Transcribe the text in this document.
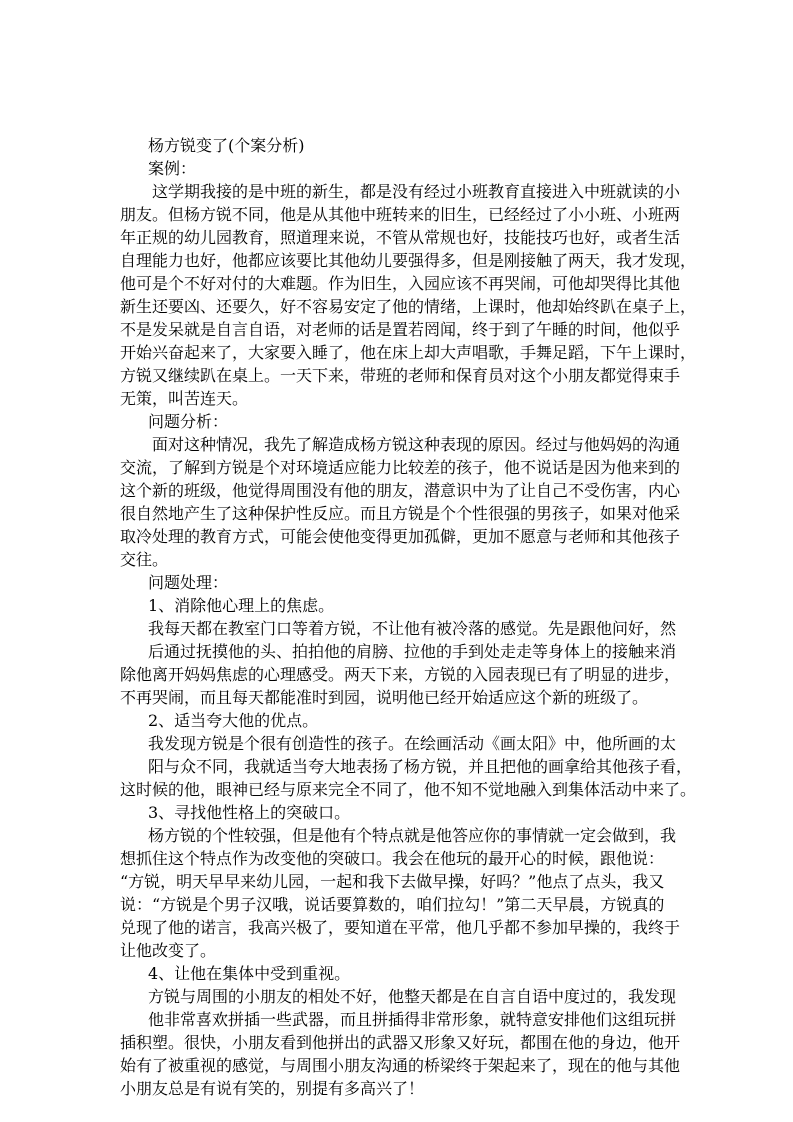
杨方锐变了(个案分析)

案例：

这学期我接的是中班的新生，都是没有经过小班教育直接进入中班就读的小

朋友。但杨方锐不同，他是从其他中班转来的旧生，已经经过了小小班、小班两

年正规的幼儿园教育，照道理来说，不管从常规也好，技能技巧也好，或者生活

自理能力也好，他都应该要比其他幼儿要强得多，但是刚接触了两天，我才发现，

他可是个不好对付的大难题。作为旧生，入园应该不再哭闹，可他却哭得比其他

新生还要凶、还要久，好不容易安定了他的情绪，上课时，他却始终趴在桌子上，

不是发呆就是自言自语，对老师的话是置若罔闻，终于到了午睡的时间，他似乎

开始兴奋起来了，大家要入睡了，他在床上却大声唱歌，手舞足蹈，下午上课时，

方锐又继续趴在桌上。一天下来，带班的老师和保育员对这个小朋友都觉得束手

无策，叫苦连天。

问题分析：

面对这种情况，我先了解造成杨方锐这种表现的原因。经过与他妈妈的沟通

交流，了解到方锐是个对环境适应能力比较差的孩子，他不说话是因为他来到的

这个新的班级，他觉得周围没有他的朋友，潜意识中为了让自己不受伤害，内心

很自然地产生了这种保护性反应。而且方锐是个个性很强的男孩子，如果对他采

取冷处理的教育方式，可能会使他变得更加孤僻，更加不愿意与老师和其他孩子

交往。

问题处理：

1、消除他心理上的焦虑。

我每天都在教室门口等着方锐，不让他有被冷落的感觉。先是跟他问好，然

后通过抚摸他的头、拍拍他的肩膀、拉他的手到处走走等身体上的接触来消

除他离开妈妈焦虑的心理感受。两天下来，方锐的入园表现已有了明显的进步，

不再哭闹，而且每天都能准时到园，说明他已经开始适应这个新的班级了。

2、适当夸大他的优点。

我发现方锐是个很有创造性的孩子。在绘画活动《画太阳》中，他所画的太

阳与众不同，我就适当夸大地表扬了杨方锐，并且把他的画拿给其他孩子看，

这时候的他，眼神已经与原来完全不同了，他不知不觉地融入到集体活动中来了。

3、寻找他性格上的突破口。

杨方锐的个性较强，但是他有个特点就是他答应你的事情就一定会做到，我

想抓住这个特点作为改变他的突破口。我会在他玩的最开心的时候，跟他说：

“方锐，明天早早来幼儿园，一起和我下去做早操，好吗？”他点了点头，我又

说：“方锐是个男子汉哦，说话要算数的，咱们拉勾！”第二天早晨，方锐真的

兑现了他的诺言，我高兴极了，要知道在平常，他几乎都不参加早操的，我终于

让他改变了。

4、让他在集体中受到重视。

方锐与周围的小朋友的相处不好，他整天都是在自言自语中度过的，我发现

他非常喜欢拼插一些武器，而且拼插得非常形象，就特意安排他们这组玩拼

插积塑。很快，小朋友看到他拼出的武器又形象又好玩，都围在他的身边，他开

始有了被重视的感觉，与周围小朋友沟通的桥梁终于架起来了，现在的他与其他

小朋友总是有说有笑的，别提有多高兴了！
